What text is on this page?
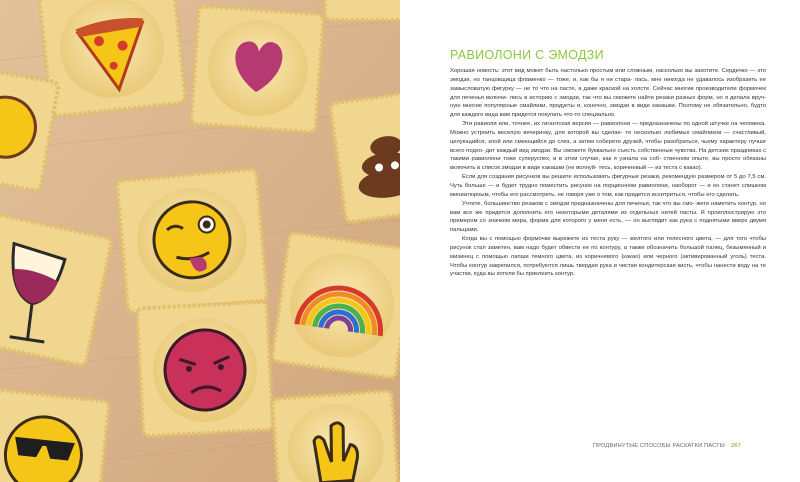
РАВИОЛОНИ С ЭМОДЗИ

Хорошая новость: этот вид может быть настолько простым или сложным, насколько вы захотите. Сердечко — это эмодзи, но танцовщица фламенко — тоже, и, как бы я ни стара- лась, мне никогда не удавалось изобразить ее замысловатую фигурку — не то что на пасте, а даже краской на холсте. Сейчас многие производители формочек для печенья включи- лись в историю с эмодзи, так что вы сможете найти резаки разных форм, но я делала вруч- ную многие популярные смайлики, продукты и, конечно, эмодзи в виде какашки. Поэтому не обязательно, будто для каждого вида вам придется покупать что-то специально.

Эти равиоли или, точнее, их гигантская версия — равиолони — предназначены по одной штучке на человека. Можно устроить веселую вечеринку, для которой вы сделае- те несколько любимых смайликов — счастливый, целующийся, злой или смеющийся до слез, а затем соберете друзей, чтобы разобраться, чьему характеру лучше всего подхо- дит каждый вид эмодзи. Вы сможете буквально съесть собственные чувства. На детских праздниках с такими равиолони тоже суперуспех, и в этом случае, как я узнала на соб- ственном опыте, вы просто обязаны включить в список эмодзи в виде какашки (не волнуй- тесь, коричневый — из теста с какао).

Если для создания рисунков вы решите использовать фигурные резаки, рекомендую размером от 5 до 7,5 см. Чуть больше — и будет трудно поместить рисунок на порционном равиолони, наоборот — и он станет слишком миниатюрным, чтобы его рассмотреть, не говоря уже о том, как придется исхитриться, чтобы его сделать.

Учтите, большинство резаков с эмодзи предназначены для печенья, так что вы смо- жете наметить контур, но вам все же придется дополнить его некоторыми деталями из отдельных нитей пасты. Я проиллюстрирую это примером со значком мира, форма для которого у меня есть, — он выглядит как рука с поднятыми вверх двумя пальцами.

Когда вы с помощью формочки вырежете из теста руку — желтого или телесного цвета, — для того чтобы рисунок стал заметен, вам надо будет обвести ее по контуру, а также обозначить большой палец, безымянный и мизинец с помощью лапши темного цвета, из коричневого (какао) или черного (активированный уголь) теста. Чтобы контур закрепился, потребуются лишь твердая рука и чистая кондитерская кисть, чтобы нанести воду на те участки, куда вы хотели бы приклеить контур.

ПРОДВИНУТЫЕ СПОСОБЫ РАСКАТКИ ПАСТЫ 267
